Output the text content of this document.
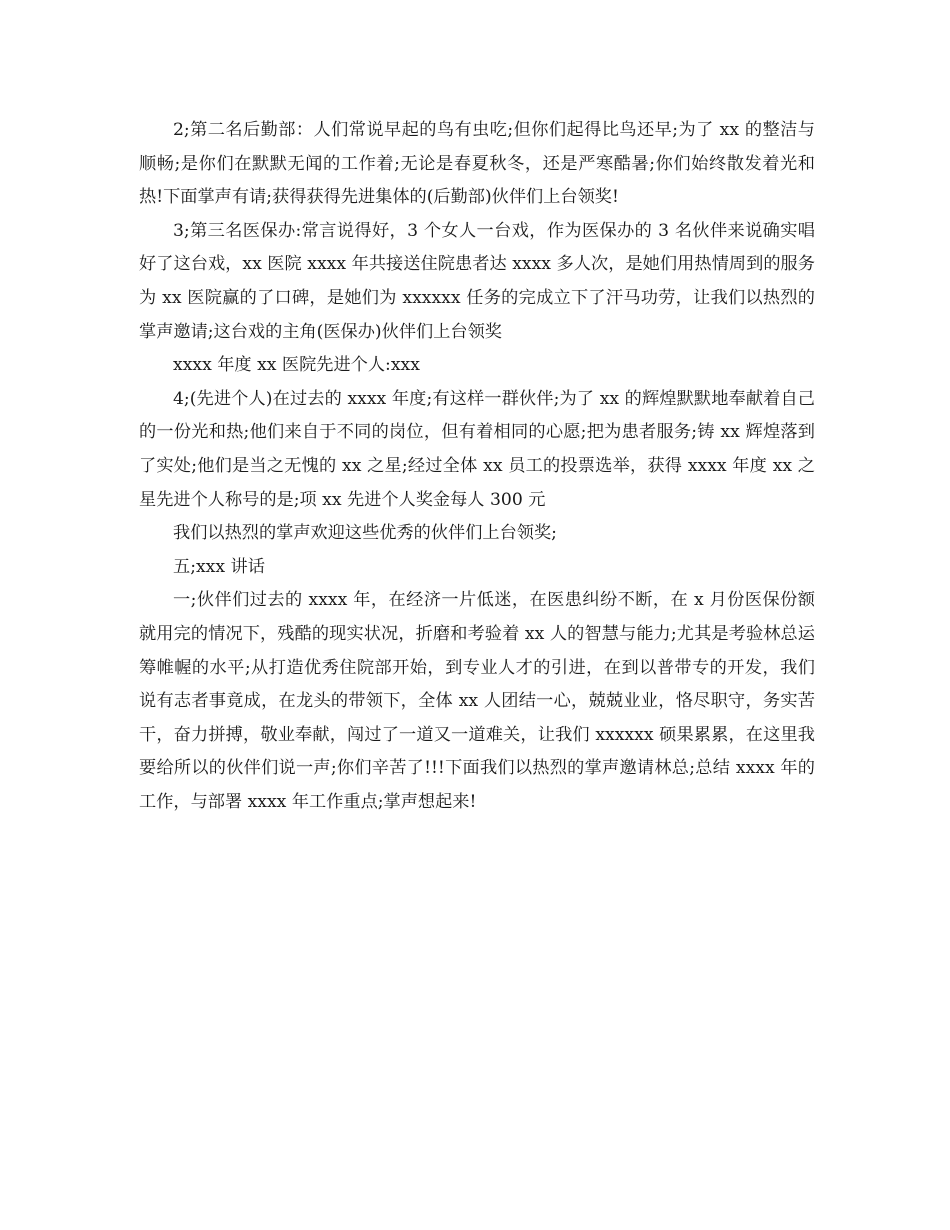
2;第二名后勤部：人们常说早起的鸟有虫吃;但你们起得比鸟还早;为了 xx 的整洁与顺畅;是你们在默默无闻的工作着;无论是春夏秋冬，还是严寒酷暑;你们始终散发着光和热!下面掌声有请;获得获得先进集体的(后勤部)伙伴们上台领奖!

3;第三名医保办:常言说得好，3 个女人一台戏，作为医保办的 3 名伙伴来说确实唱好了这台戏，xx 医院 xxxx 年共接送住院患者达 xxxx 多人次，是她们用热情周到的服务为 xx 医院赢的了口碑，是她们为 xxxxxx 任务的完成立下了汗马功劳，让我们以热烈的掌声邀请;这台戏的主角(医保办)伙伴们上台领奖

xxxx 年度 xx 医院先进个人:xxx

4;(先进个人)在过去的 xxxx 年度;有这样一群伙伴;为了 xx 的辉煌默默地奉献着自己的一份光和热;他们来自于不同的岗位，但有着相同的心愿;把为患者服务;铸 xx 辉煌落到了实处;他们是当之无愧的 xx 之星;经过全体 xx 员工的投票选举，获得 xxxx 年度 xx 之星先进个人称号的是;项 xx 先进个人奖金每人 300 元

我们以热烈的掌声欢迎这些优秀的伙伴们上台领奖;

五;xxx 讲话

一;伙伴们过去的 xxxx 年，在经济一片低迷，在医患纠纷不断，在 x 月份医保份额就用完的情况下，残酷的现实状况，折磨和考验着 xx 人的智慧与能力;尤其是考验林总运筹帷幄的水平;从打造优秀住院部开始，到专业人才的引进，在到以普带专的开发，我们说有志者事竟成，在龙头的带领下，全体 xx 人团结一心，兢兢业业，恪尽职守，务实苦干，奋力拼搏，敬业奉献，闯过了一道又一道难关，让我们 xxxxxx 硕果累累，在这里我要给所以的伙伴们说一声;你们辛苦了!!!下面我们以热烈的掌声邀请林总;总结 xxxx 年的工作，与部署 xxxx 年工作重点;掌声想起来!
